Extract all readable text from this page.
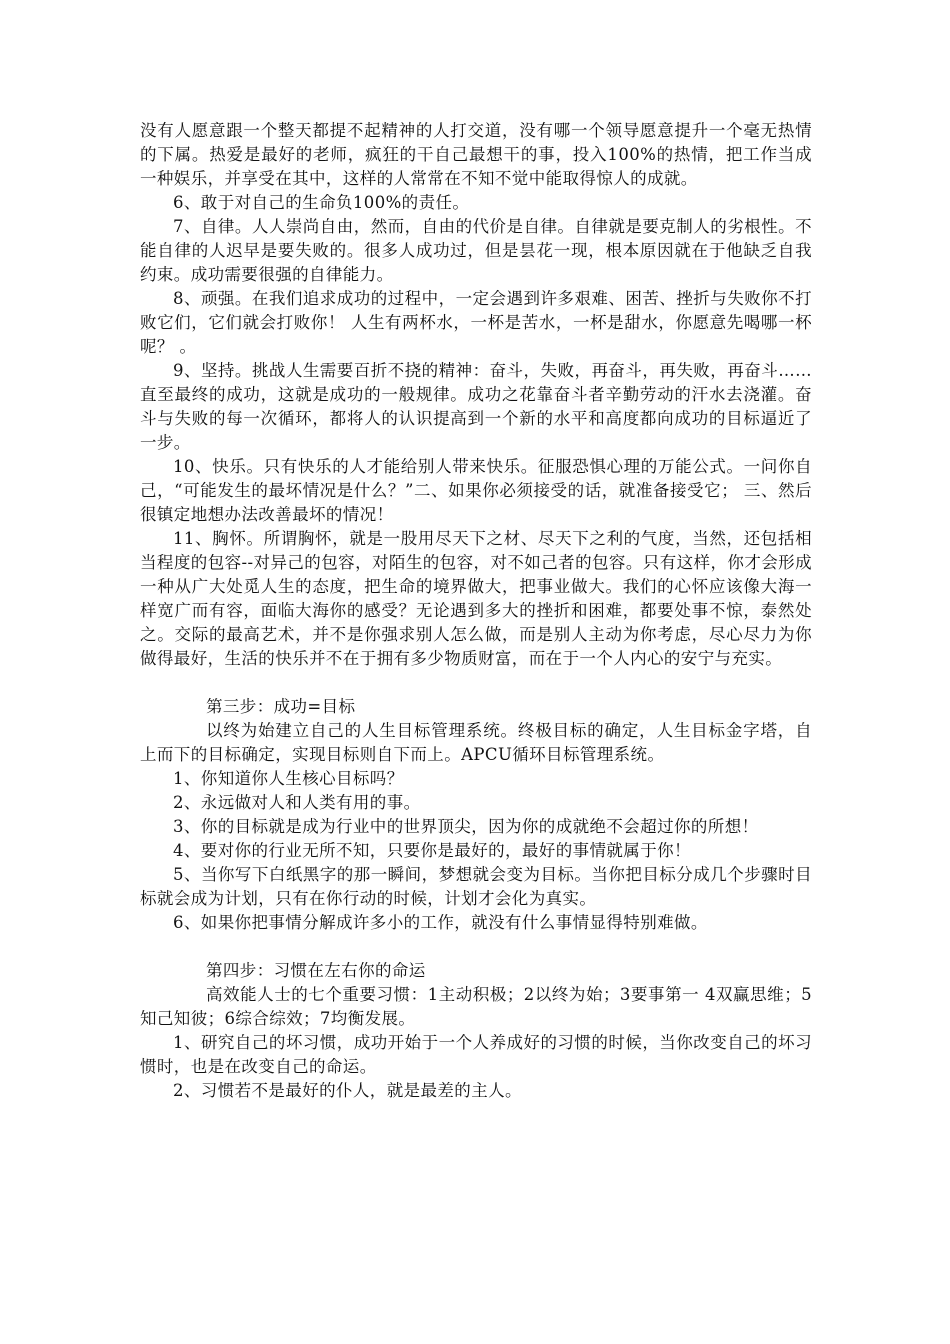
没有人愿意跟一个整天都提不起精神的人打交道，没有哪一个领导愿意提升一个毫无热情的下属。热爱是最好的老师，疯狂的干自己最想干的事，投入100%的热情，把工作当成一种娱乐，并享受在其中，这样的人常常在不知不觉中能取得惊人的成就。

6、敢于对自己的生命负100%的责任。

7、自律。人人崇尚自由，然而，自由的代价是自律。自律就是要克制人的劣根性。不能自律的人迟早是要失败的。很多人成功过，但是昙花一现，根本原因就在于他缺乏自我约束。成功需要很强的自律能力。

8、顽强。在我们追求成功的过程中，一定会遇到许多艰难、困苦、挫折与失败你不打败它们，它们就会打败你！ 人生有两杯水，一杯是苦水，一杯是甜水，你愿意先喝哪一杯呢？ 。

9、坚持。挑战人生需要百折不挠的精神：奋斗，失败，再奋斗，再失败，再奋斗……直至最终的成功，这就是成功的一般规律。成功之花靠奋斗者辛勤劳动的汗水去浇灌。奋斗与失败的每一次循环，都将人的认识提高到一个新的水平和高度都向成功的目标逼近了一步。

10、快乐。只有快乐的人才能给别人带来快乐。征服恐惧心理的万能公式。一问你自己，“可能发生的最坏情况是什么？”二、如果你必须接受的话，就准备接受它； 三、然后很镇定地想办法改善最坏的情况！

11、胸怀。所谓胸怀，就是一股用尽天下之材、尽天下之利的气度，当然，还包括相当程度的包容--对异己的包容，对陌生的包容，对不如己者的包容。只有这样，你才会形成一种从广大处觅人生的态度，把生命的境界做大，把事业做大。我们的心怀应该像大海一样宽广而有容，面临大海你的感受？无论遇到多大的挫折和困难，都要处事不惊，泰然处之。交际的最高艺术，并不是你强求别人怎么做，而是别人主动为你考虑，尽心尽力为你做得最好，生活的快乐并不在于拥有多少物质财富，而在于一个人内心的安宁与充实。

第三步：成功=目标

以终为始建立自己的人生目标管理系统。终极目标的确定，人生目标金字塔，自上而下的目标确定，实现目标则自下而上。APCU循环目标管理系统。

1、你知道你人生核心目标吗？

2、永远做对人和人类有用的事。

3、你的目标就是成为行业中的世界顶尖，因为你的成就绝不会超过你的所想！

4、要对你的行业无所不知，只要你是最好的，最好的事情就属于你！

5、当你写下白纸黑字的那一瞬间，梦想就会变为目标。当你把目标分成几个步骤时目标就会成为计划，只有在你行动的时候，计划才会化为真实。

6、如果你把事情分解成许多小的工作，就没有什么事情显得特别难做。

第四步：习惯在左右你的命运

高效能人士的七个重要习惯：1主动积极；2以终为始；3要事第一 4双赢思维；5知己知彼；6综合综效；7均衡发展。

1、研究自己的坏习惯，成功开始于一个人养成好的习惯的时候，当你改变自己的坏习惯时，也是在改变自己的命运。

2、习惯若不是最好的仆人，就是最差的主人。
